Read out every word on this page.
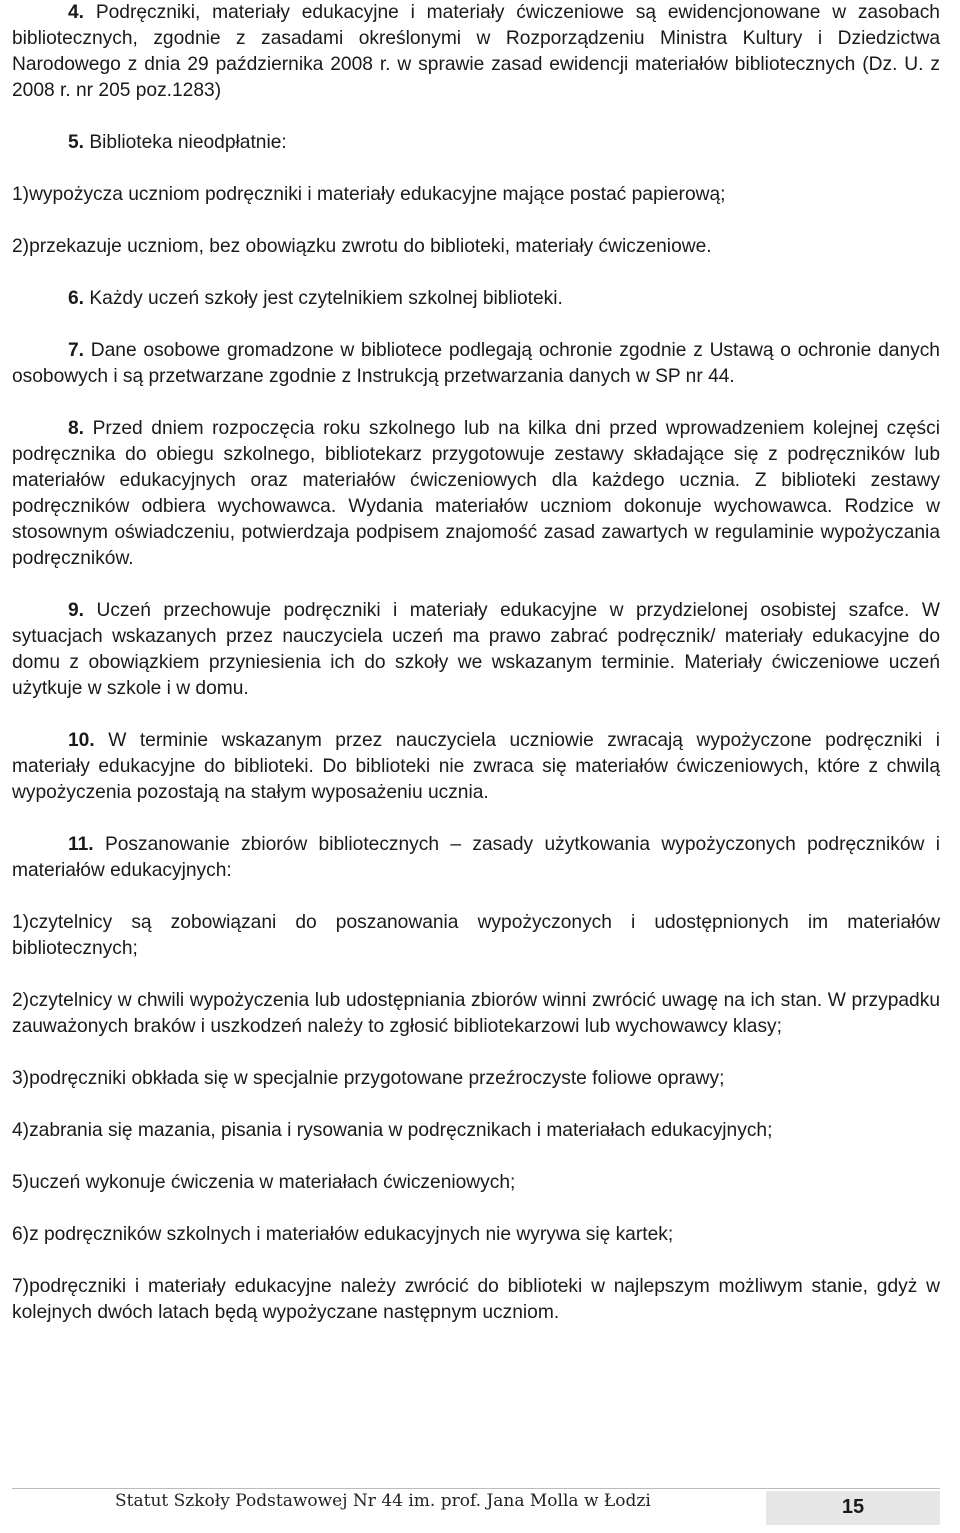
4. Podręczniki, materiały edukacyjne i materiały ćwiczeniowe są ewidencjonowane w zasobach bibliotecznych, zgodnie z zasadami określonymi w Rozporządzeniu Ministra Kultury i Dziedzictwa Narodowego z dnia 29 października 2008 r. w sprawie zasad ewidencji materiałów bibliotecznych (Dz. U. z 2008 r. nr 205 poz.1283)

5. Biblioteka nieodpłatnie:

1)wypożycza uczniom podręczniki i materiały edukacyjne mające postać papierową;

2)przekazuje uczniom, bez obowiązku zwrotu do biblioteki, materiały ćwiczeniowe.

6. Każdy uczeń szkoły jest czytelnikiem szkolnej biblioteki.

7. Dane osobowe gromadzone w bibliotece podlegają ochronie zgodnie z Ustawą o ochronie danych osobowych i są przetwarzane zgodnie z Instrukcją przetwarzania danych w SP nr 44.

8. Przed dniem rozpoczęcia roku szkolnego lub na kilka dni przed wprowadzeniem kolejnej części podręcznika do obiegu szkolnego, bibliotekarz przygotowuje zestawy składające się z podręczników lub materiałów edukacyjnych oraz materiałów ćwiczeniowych dla każdego ucznia. Z biblioteki zestawy podręczników odbiera wychowawca. Wydania materiałów uczniom dokonuje wychowawca. Rodzice w stosownym oświadczeniu, potwierdzaja podpisem znajomość zasad zawartych w regulaminie wypożyczania podręczników.

9. Uczeń przechowuje podręczniki i materiały edukacyjne w przydzielonej osobistej szafce. W sytuacjach wskazanych przez nauczyciela uczeń ma prawo zabrać podręcznik/ materiały edukacyjne do domu z obowiązkiem przyniesienia ich do szkoły we wskazanym terminie. Materiały ćwiczeniowe uczeń użytkuje w szkole i w domu.

10. W terminie wskazanym przez nauczyciela uczniowie zwracają wypożyczone podręczniki i materiały edukacyjne do biblioteki. Do biblioteki nie zwraca się materiałów ćwiczeniowych, które z chwilą wypożyczenia pozostają na stałym wyposażeniu ucznia.

11. Poszanowanie zbiorów bibliotecznych – zasady użytkowania wypożyczonych podręczników i materiałów edukacyjnych:

1)czytelnicy są zobowiązani do poszanowania wypożyczonych i udostępnionych im materiałów bibliotecznych;

2)czytelnicy w chwili wypożyczenia lub udostępniania zbiorów winni zwrócić uwagę na ich stan. W przypadku zauważonych braków i uszkodzeń należy to zgłosić bibliotekarzowi lub wychowawcy klasy;

3)podręczniki obkłada się w specjalnie przygotowane przeźroczyste foliowe oprawy;

4)zabrania się mazania, pisania i rysowania w podręcznikach i materiałach edukacyjnych;

5)uczeń wykonuje ćwiczenia w materiałach ćwiczeniowych;

6)z podręczników szkolnych i materiałów edukacyjnych nie wyrywa się kartek;

7)podręczniki i materiały edukacyjne należy zwrócić do biblioteki w najlepszym możliwym stanie, gdyż w kolejnych dwóch latach będą wypożyczane następnym uczniom.

Statut Szkoły Podstawowej Nr 44 im. prof. Jana Molla w Łodzi	15
